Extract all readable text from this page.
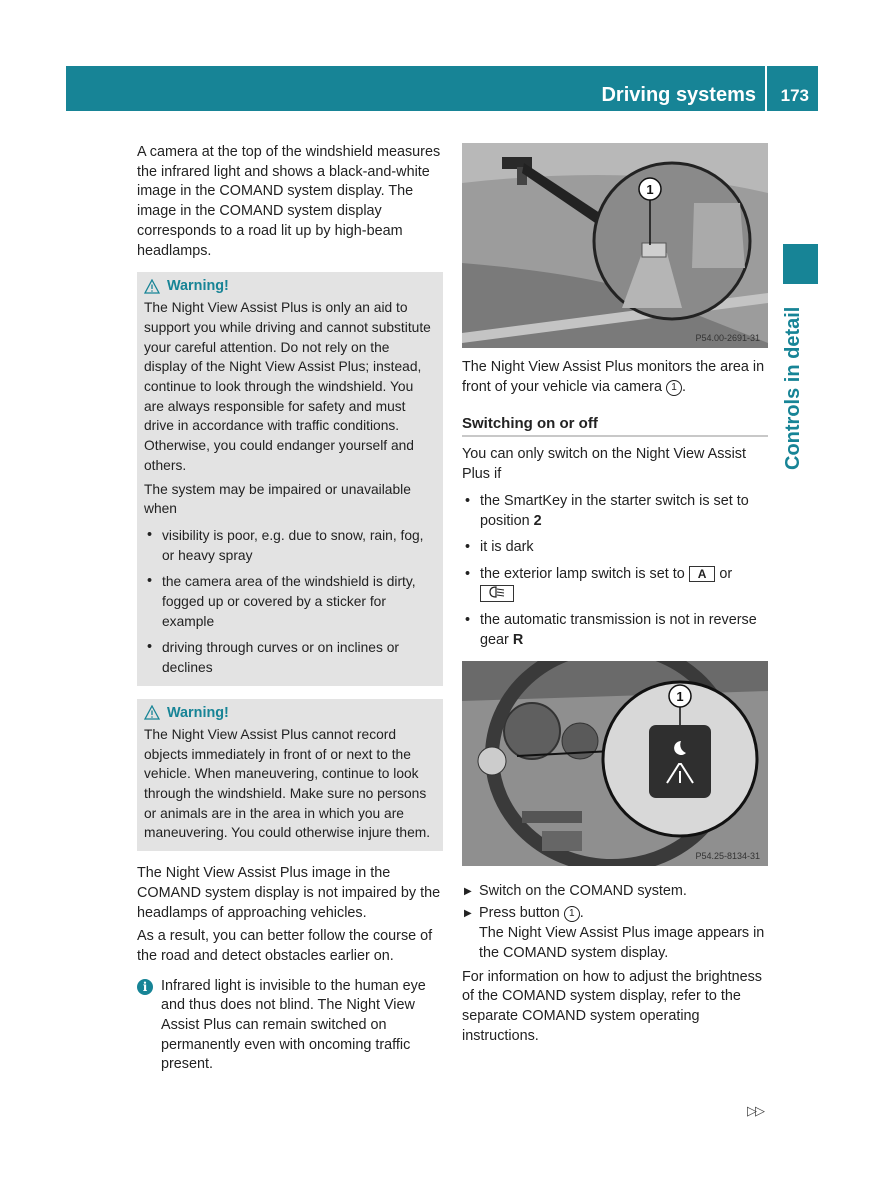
Driving systems 173
Controls in detail

A camera at the top of the windshield measures the infrared light and shows a black-and-white image in the COMAND system display. The image in the COMAND system display corresponds to a road lit up by high-beam headlamps.

Warning!

The Night View Assist Plus is only an aid to support you while driving and cannot substitute your careful attention. Do not rely on the display of the Night View Assist Plus; instead, continue to look through the windshield. You are always responsible for safety and must drive in accordance with traffic conditions. Otherwise, you could endanger yourself and others.

The system may be impaired or unavailable when

• visibility is poor, e.g. due to snow, rain, fog, or heavy spray

• the camera area of the windshield is dirty, fogged up or covered by a sticker for example

• driving through curves or on inclines or declines

Warning!

The Night View Assist Plus cannot record objects immediately in front of or next to the vehicle. When maneuvering, continue to look through the windshield. Make sure no persons or animals are in the area in which you are maneuvering. You could otherwise injure them.

The Night View Assist Plus image in the COMAND system display is not impaired by the headlamps of approaching vehicles.

As a result, you can better follow the course of the road and detect obstacles earlier on.

i Infrared light is invisible to the human eye and thus does not blind. The Night View Assist Plus can remain switched on permanently even with oncoming traffic present.

1
P54.00-2691-31

The Night View Assist Plus monitors the area in front of your vehicle via camera 1 .

Switching on or off

You can only switch on the Night View Assist Plus if

• the SmartKey in the starter switch is set to position 2

• it is dark

• the exterior lamp switch is set to A or

• the automatic transmission is not in reverse gear R

1
P54.25-8134-31
▶ Switch on the COMAND system.

▶ Press button 1 .

The Night View Assist Plus image appears in the COMAND system display.

For information on how to adjust the brightness of the COMAND system display, refer to the separate COMAND system operating instructions.

▷▷
